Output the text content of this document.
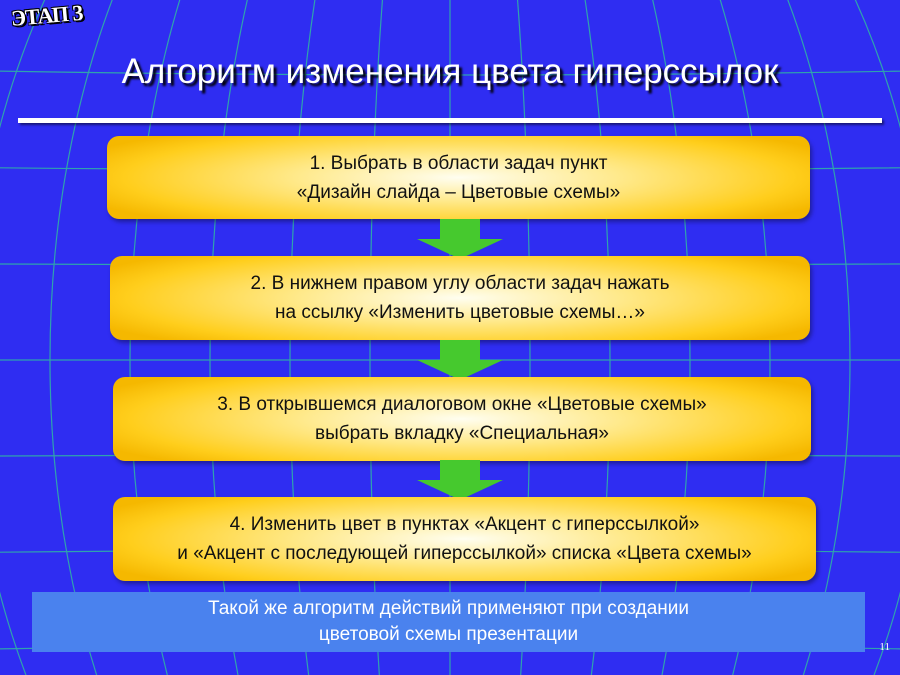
ЭТАП 3
Алгоритм изменения цвета гиперссылок
1. Выбрать в области задач пункт
«Дизайн слайда – Цветовые схемы»
2. В нижнем правом углу области задач нажать
на ссылку «Изменить цветовые схемы…»
3. В открывшемся диалоговом окне «Цветовые схемы»
выбрать вкладку «Специальная»
4. Изменить цвет в пунктах «Акцент с гиперссылкой»
и «Акцент с последующей гиперссылкой» списка «Цвета схемы»
Такой же алгоритм действий применяют при создании
цветовой схемы презентации
11
